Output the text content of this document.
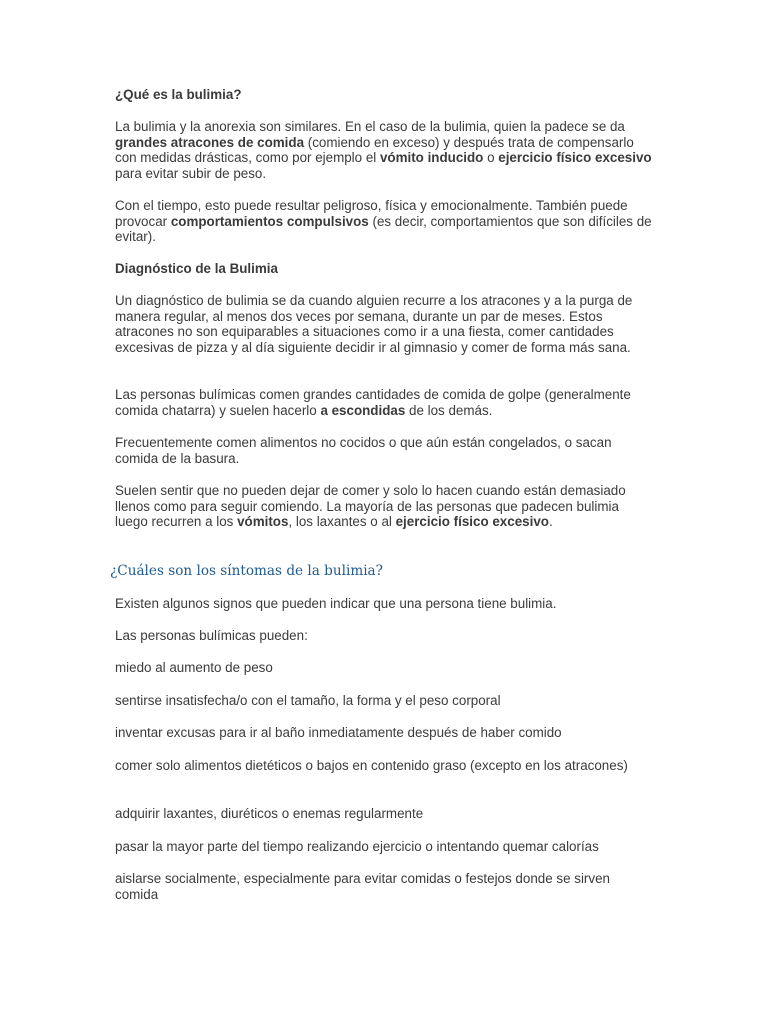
¿Qué es la bulimia?
La bulimia y la anorexia son similares. En el caso de la bulimia, quien la padece se da grandes atracones de comida (comiendo en exceso) y después trata de compensarlo con medidas drásticas, como por ejemplo el vómito inducido o ejercicio físico excesivo para evitar subir de peso.
Con el tiempo, esto puede resultar peligroso, física y emocionalmente. También puede provocar comportamientos compulsivos (es decir, comportamientos que son difíciles de evitar).
Diagnóstico de la Bulimia
Un diagnóstico de bulimia se da cuando alguien recurre a los atracones y a la purga de manera regular, al menos dos veces por semana, durante un par de meses. Estos atracones no son equiparables a situaciones como ir a una fiesta, comer cantidades excesivas de pizza y al día siguiente decidir ir al gimnasio y comer de forma más sana.
Las personas bulímicas comen grandes cantidades de comida de golpe (generalmente comida chatarra) y suelen hacerlo a escondidas de los demás.
Frecuentemente comen alimentos no cocidos o que aún están congelados, o sacan comida de la basura.
Suelen sentir que no pueden dejar de comer y solo lo hacen cuando están demasiado llenos como para seguir comiendo. La mayoría de las personas que padecen bulimia luego recurren a los vómitos, los laxantes o al ejercicio físico excesivo.
¿Cuáles son los síntomas de la bulimia?
Existen algunos signos que pueden indicar que una persona tiene bulimia.
Las personas bulímicas pueden:
miedo al aumento de peso
sentirse insatisfecha/o con el tamaño, la forma y el peso corporal
inventar excusas para ir al baño inmediatamente después de haber comido
comer solo alimentos dietéticos o bajos en contenido graso (excepto en los atracones)
adquirir laxantes, diuréticos o enemas regularmente
pasar la mayor parte del tiempo realizando ejercicio o intentando quemar calorías
aislarse socialmente, especialmente para evitar comidas o festejos donde se sirven comida
